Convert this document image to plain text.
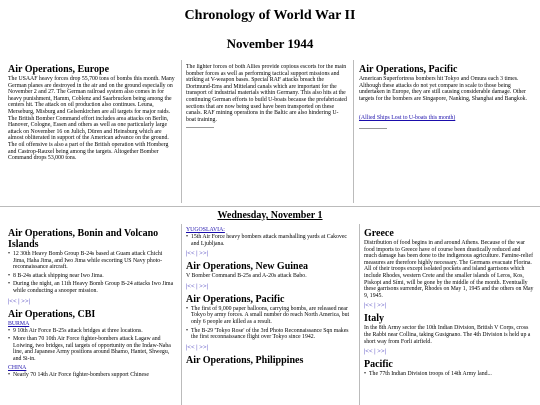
Chronology of World War II
November 1944
Air Operations, Europe

The USAAF heavy forces drop 55,700 tons of bombs this month. Many German planes are destroyed in the air and on the ground especially on November 2 and 27. The German railroad system also comes in for heavy punishment, Hamm, Coblenz and Saarbrucken being among the centers hit. The attack on oil production also continues. Leuna, Merseburg, Misburg and Gelsenkirchen are all targets for major raids. The British Bomber Command effort includes area attacks on Berlin, Hanover, Cologne, Essen and others as well as one particularly large attack on November 16 on Julich, Düren and Heinsburg which are almost obliterated in support of the American advance on the ground. The oil offensive is also a part of the British operation with Homberg and Castrop-Rauxel being among the targets. Altogether Bomber Command drops 53,000 tons.

The lighter forces of both Allies provide copious escorts for the main bomber forces as well as performing tactical support missions and striking at V-weapon bases. Special RAF attacks breach the Dortmund-Ems and Mitteland canals which are important for the transport of industrial materials within Germany. This also hits at the continuing German efforts to build U-boats because the prefabricated sections that are now being used have been transported on these canals. RAF mining operations in the Baltic are also hindering U-boat training.

Air Operations, Pacific

American Superfortress bombers hit Tokyo and Omura each 3 times. Although these attacks do not yet compare in scale to those being undertaken in Europe, they are still causing considerable damage. Other targets for the bombers are Singapore, Nanking, Shanghai and Bangkok.

(Allied Ships Lost to U-boats this month)
Wednesday, November 1
Air Operations, Bonin and Volcano Islands
• 12 30th Heavy Bomb Group B-24s based at Guam attack Chichi Jima, Haha Jima, and Iwo Jima while escorting US Navy photo-reconnaissance aircraft.
• 8 B-24s attack shipping near Iwo Jima.
• During the night, an 11th Heavy Bomb Group B-24 attacks Iwo Jima while conducting a snooper mission.
|<< | >>|
Air Operations, CBI
BURMA
• 9 10th Air Force B-25s attack bridges at three locations.
• More than 70 10th Air Force fighter-bombers attack Lagaw and Loiwing, two bridges, rail targets of opportunity on the Indaw-Naba line, and Japanese Army positions around Bhamo, Hantet, Shwegu, and Si-in.
CHINA
• Nearly 70 14th Air Force fighter-bombers support Chinese
YUGOSLAVIA:
• 15th Air Force heavy bombers attack marshalling yards at Cakovec and Ljubljana.
|<< | >>|
Air Operations, New Guinea

V Bomber Command B-25s and A-20s attack Babo.

|<< | >>|
Air Operations, Pacific
• The first of 9,000 paper balloons, carrying bombs, are released near Tokyo by army forces. A small number do reach North America, but only 6 people are killed as a result.
• The B-29 'Tokyo Rose' of the 3rd Photo Reconnaissance Sqn makes the first reconnaissance flight over Tokyo since 1942.
|<< | >>|
Air Operations, Philippines
Greece

Distribution of food begins in and around Athens. Because of the war food imports to Greece have of course been drastically reduced and much damage has been done to the indigenous agriculture. Famine-relief measures are therefore highly necessary. The Germans evacuate Florina. All of their troops except isolated pockets and island garrisons which include Rhodes, western Crete and the smaller islands of Leros, Kos, Piskopi and Sími, will be gone by the middle of the month. Eventually these garrisons surrender, Rhodes on May 1, 1945 and the others on May 9, 1945.

|<< | >>|
Italy

In the 8th Army sector the 10th Indian Division, British V Corps, cross the Rabbi near Collina, taking Gusignano. The 4th Division is held up a short way from Forli airfield.

|<< | >>|
Pacific
• The 77th Indian Division troops of 14th Army land...
